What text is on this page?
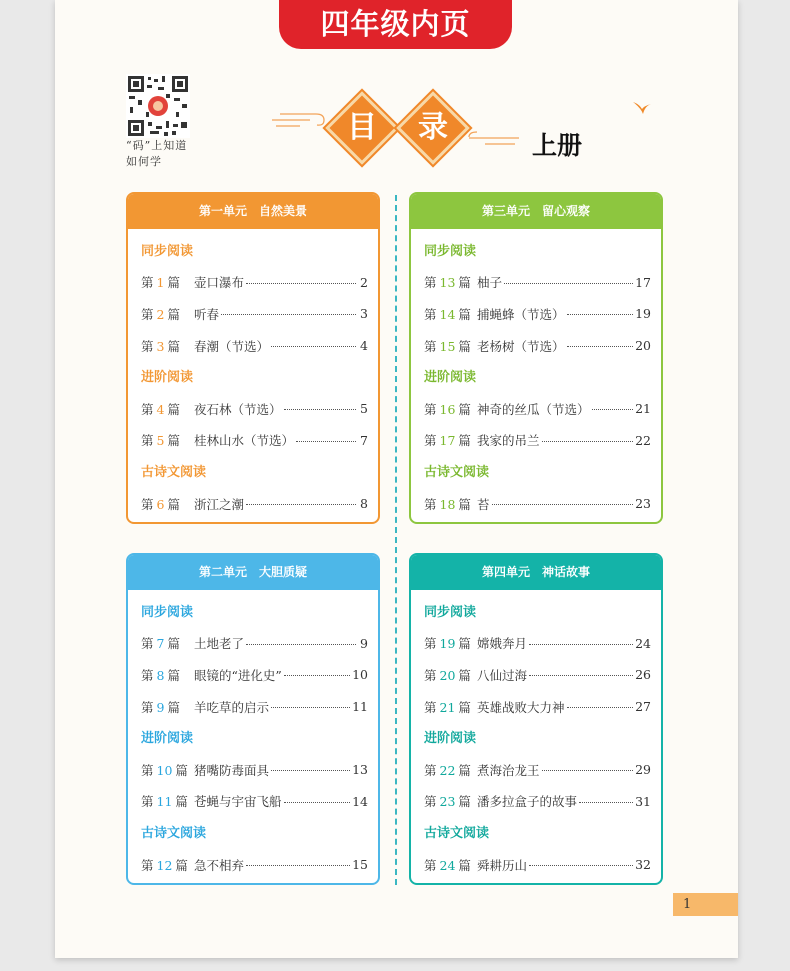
四年级内页
“码”上知道如何学
目	录
上册
第一单元 自然美景
同步阅读
第 1 篇	壶口瀑布	2
第 2 篇	听春	3
第 3 篇	春潮（节选）	4
进阶阅读
第 4 篇	夜石林（节选）	5
第 5 篇	桂林山水（节选）	7
古诗文阅读
第 6 篇	浙江之潮	8
第二单元 大胆质疑
同步阅读
第 7 篇	土地老了	9
第 8 篇	眼镜的“进化史”	10
第 9 篇	羊吃草的启示	11
进阶阅读
第 10 篇 猪嘴防毒面具	13
第 11 篇 苍蝇与宇宙飞船	14
古诗文阅读
第 12 篇 急不相弃	15
第三单元 留心观察
同步阅读
第 13 篇 柚子	17
第 14 篇 捕蝇蜂（节选）	19
第 15 篇 老杨树（节选）	20
进阶阅读
第 16 篇 神奇的丝瓜（节选）	21
第 17 篇 我家的吊兰	22
古诗文阅读
第 18 篇 苔	23
第四单元 神话故事
同步阅读
第 19 篇 嫦娥奔月	24
第 20 篇 八仙过海	26
第 21 篇 英雄战败大力神	27
进阶阅读
第 22 篇 煮海治龙王	29
第 23 篇 潘多拉盒子的故事	31
古诗文阅读
第 24 篇 舜耕历山	32
1
